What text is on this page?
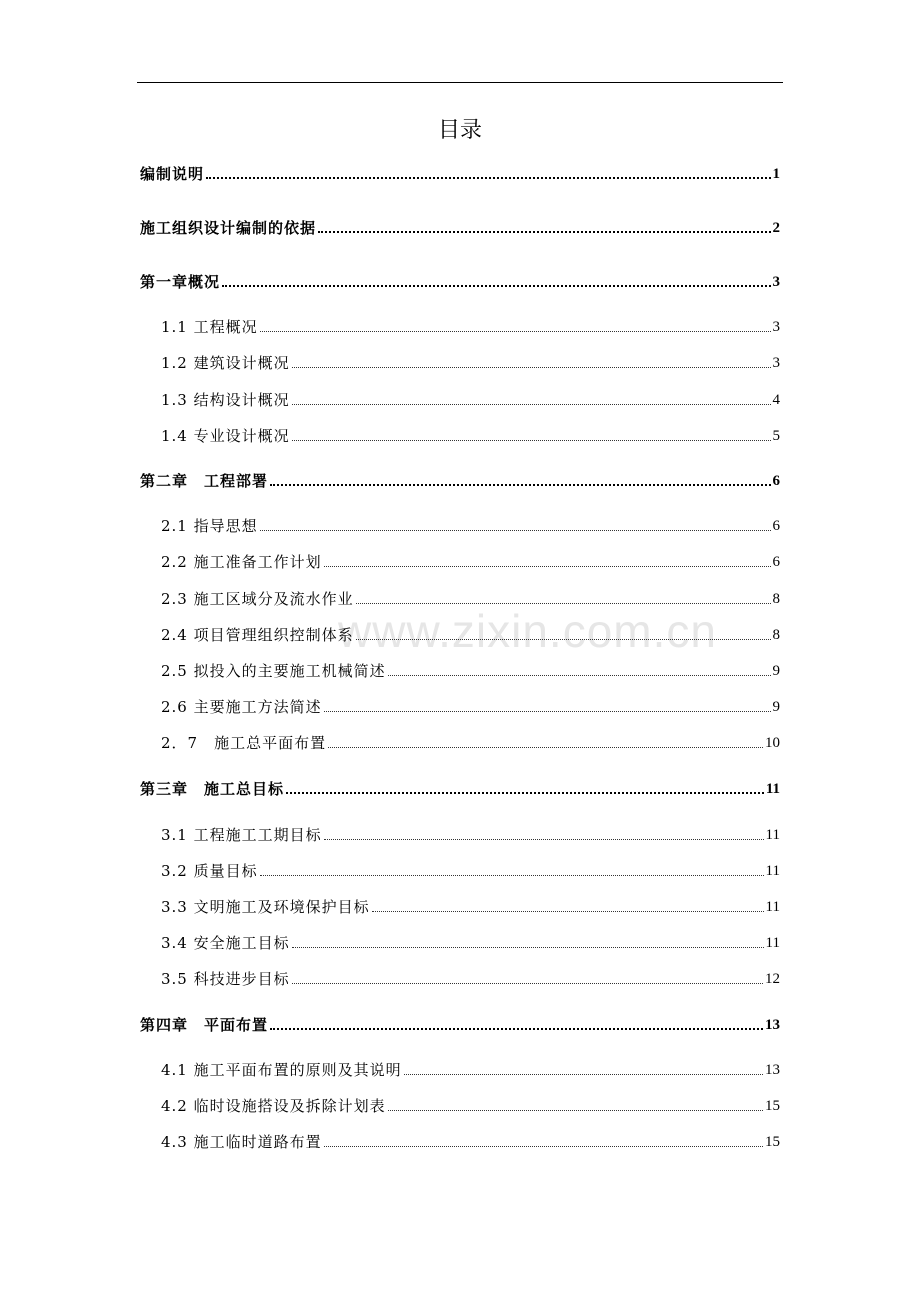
目录
www.zixin.com.cn
编制说明	1
施工组织设计编制的依据	2
第一章概况	3
1.1 工程概况	3
1.2 建筑设计概况	3
1.3 结构设计概况	4
1.4 专业设计概况	5
第二章　工程部署	6
2.1 指导思想	6
2.2 施工准备工作计划	6
2.3 施工区域分及流水作业	8
2.4 项目管理组织控制体系	8
2.5 拟投入的主要施工机械简述	9
2.6 主要施工方法简述	9
2．7　施工总平面布置	10
第三章　施工总目标	11
3.1 工程施工工期目标	11
3.2 质量目标	11
3.3 文明施工及环境保护目标	11
3.4 安全施工目标	11
3.5 科技进步目标	12
第四章　平面布置	13
4.1 施工平面布置的原则及其说明	13
4.2 临时设施搭设及拆除计划表	15
4.3 施工临时道路布置	15
